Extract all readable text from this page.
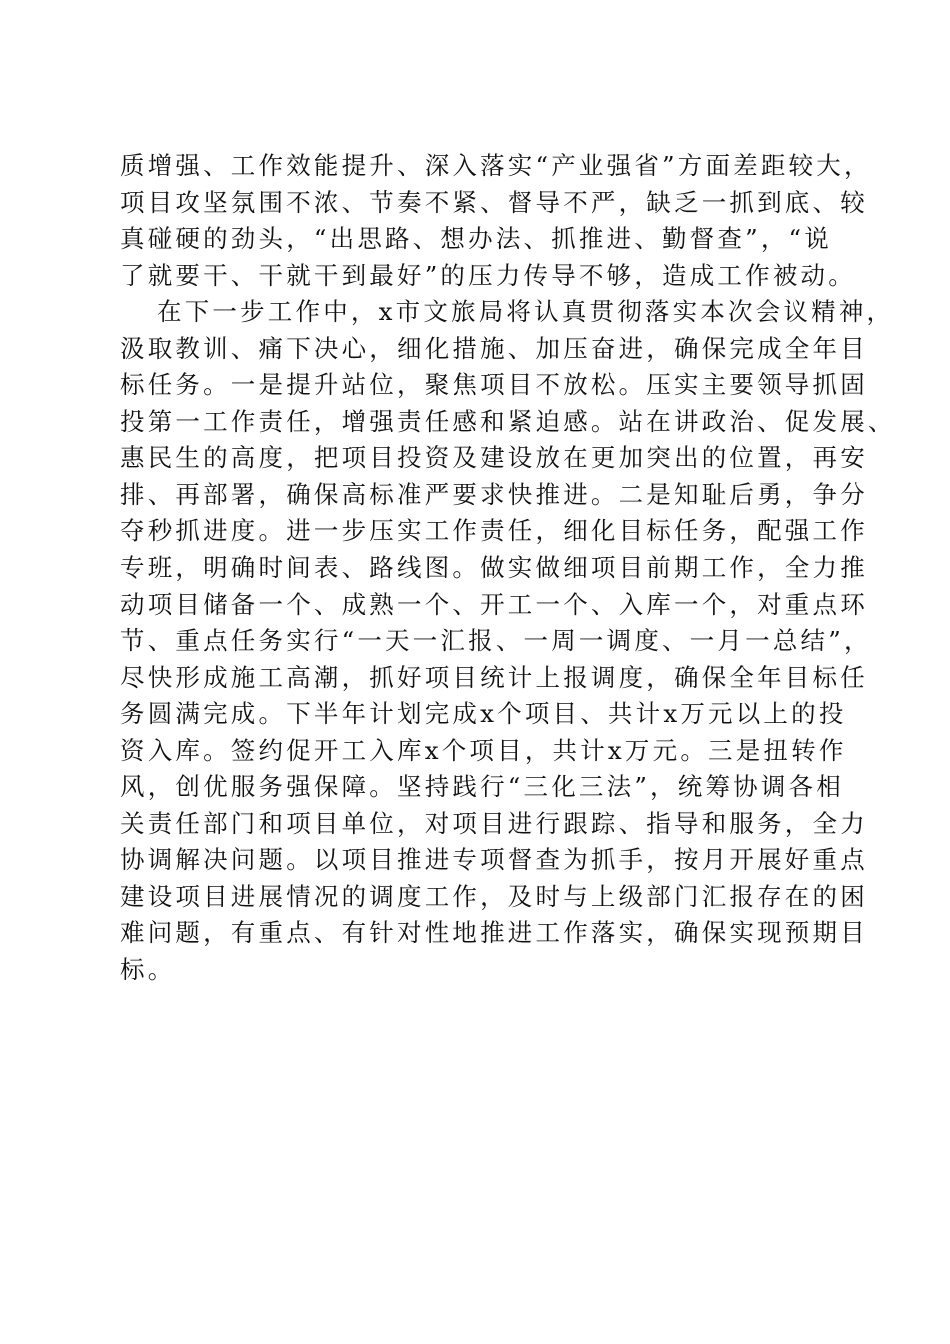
质增强、工作效能提升、深入落实“产业强省”方面差距较大，
项目攻坚氛围不浓、节奏不紧、督导不严，缺乏一抓到底、较
真碰硬的劲头，“出思路、想办法、抓推进、勤督查”，“说
了就要干、干就干到最好”的压力传导不够，造成工作被动。
在下一步工作中，x市文旅局将认真贯彻落实本次会议精神，
汲取教训、痛下决心，细化措施、加压奋进，确保完成全年目
标任务。一是提升站位，聚焦项目不放松。压实主要领导抓固
投第一工作责任，增强责任感和紧迫感。站在讲政治、促发展、
惠民生的高度，把项目投资及建设放在更加突出的位置，再安
排、再部署，确保高标准严要求快推进。二是知耻后勇，争分
夺秒抓进度。进一步压实工作责任，细化目标任务，配强工作
专班，明确时间表、路线图。做实做细项目前期工作，全力推
动项目储备一个、成熟一个、开工一个、入库一个，对重点环
节、重点任务实行“一天一汇报、一周一调度、一月一总结”，
尽快形成施工高潮，抓好项目统计上报调度，确保全年目标任
务圆满完成。下半年计划完成x个项目、共计x万元以上的投
资入库。签约促开工入库x个项目，共计x万元。三是扭转作
风，创优服务强保障。坚持践行“三化三法”，统筹协调各相
关责任部门和项目单位，对项目进行跟踪、指导和服务，全力
协调解决问题。以项目推进专项督查为抓手，按月开展好重点
建设项目进展情况的调度工作，及时与上级部门汇报存在的困
难问题，有重点、有针对性地推进工作落实，确保实现预期目
标。
